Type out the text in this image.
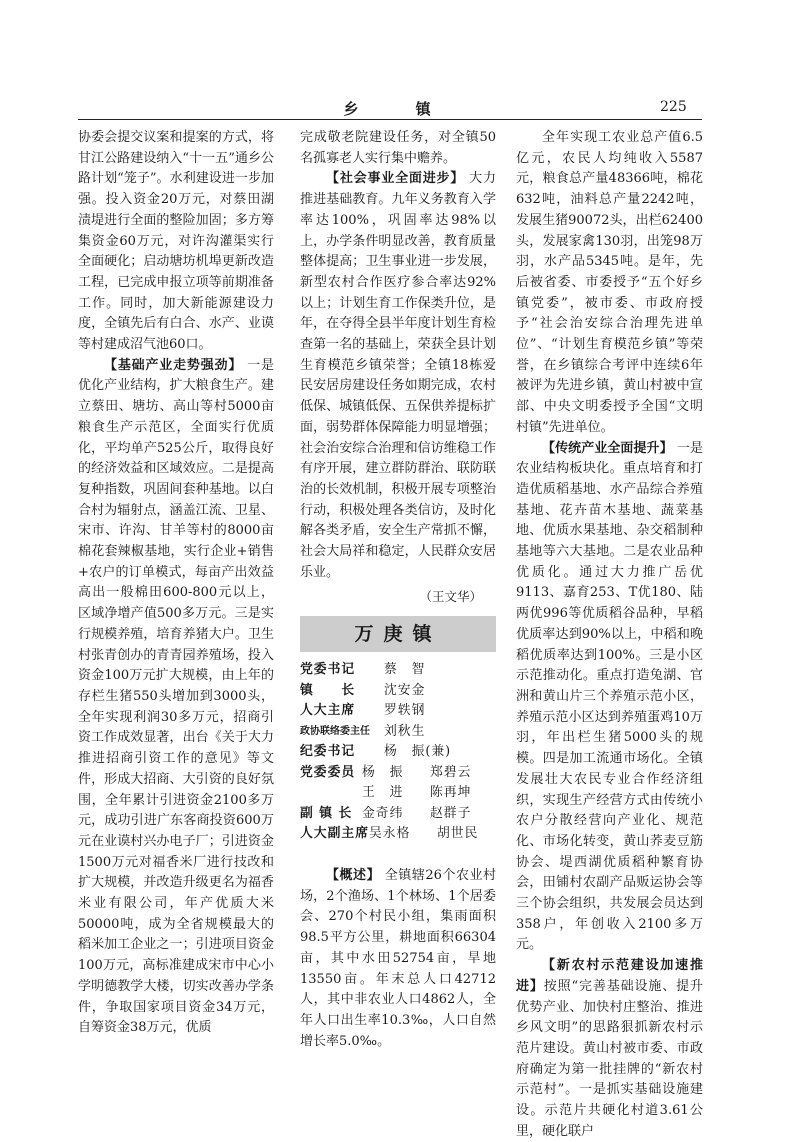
乡 镇	225

协委会提交议案和提案的方式，将甘江公路建设纳入“十一五”通乡公路计划“笼子”。水利建设进一步加强。投入资金20万元，对蔡田湖渍堤进行全面的整险加固；多方筹集资金60万元，对许沟灌渠实行全面硬化；启动塘坊机埠更新改造工程，已完成申报立项等前期准备工作。同时，加大新能源建设力度，全镇先后有白合、水产、业谟等村建成沼气池60口。

【基础产业走势强劲】 一是优化产业结构，扩大粮食生产。建立蔡田、塘坊、高山等村5000亩粮食生产示范区，全面实行优质化，平均单产525公斤，取得良好的经济效益和区域效应。二是提高复种指数，巩固间套种基地。以白合村为辐射点，涵盖江流、卫星、宋市、许沟、甘羊等村的8000亩棉花套辣椒基地，实行企业+销售+农户的订单模式，每亩产出效益高出一般棉田600-800元以上，区域净增产值500多万元。三是实行规模养殖，培育养猪大户。卫生村张青创办的青青园养殖场，投入资金100万元扩大规模，由上年的存栏生猪550头增加到3000头，全年实现利润30多万元，招商引资工作成效显著，出台《关于大力推进招商引资工作的意见》等文件，形成大招商、大引资的良好氛围，全年累计引进资金2100多万元，成功引进广东客商投资600万元在业谟村兴办电子厂；引进资金1500万元对福香米厂进行技改和扩大规模，并改造升级更名为福香米业有限公司，年产优质大米50000吨，成为全省规模最大的稻米加工企业之一；引进项目资金100万元，高标准建成宋市中心小学明德教学大楼，切实改善办学条件，争取国家项目资金34万元，自筹资金38万元，优质

完成敬老院建设任务，对全镇50名孤寡老人实行集中赡养。

【社会事业全面进步】 大力推进基础教育。九年义务教育入学率达100%，巩固率达98%以上，办学条件明显改善，教育质量整体提高；卫生事业进一步发展，新型农村合作医疗参合率达92%以上；计划生育工作保类升位，是年，在夺得全县半年度计划生育检查第一名的基础上，荣获全县计划生育模范乡镇荣誉；全镇18栋爱民安居房建设任务如期完成，农村低保、城镇低保、五保供养提标扩面，弱势群体保障能力明显增强；社会治安综合治理和信访维稳工作有序开展，建立群防群治、联防联治的长效机制，积极开展专项整治行动，积极处理各类信访，及时化解各类矛盾，安全生产常抓不懈，社会大局祥和稳定，人民群众安居乐业。

（王文华）
万庚镇
党委书记	蔡　智
镇　　长	沈安金
人大主席	罗轶钢
政协联络委主任	刘秋生
纪委书记	杨　振(兼)
党委委员 杨　振	郑碧云
王　进	陈再坤
副 镇 长 金奇纬	赵群子
人大副主席 吴永格	胡世民

【概述】 全镇辖26个农业村场，2个渔场、1个林场、1个居委会、270个村民小组，集雨面积98.5平方公里，耕地面积66304亩，其中水田52754亩，旱地13550亩。年末总人口42712人，其中非农业人口4862人，全年人口出生率10.3‰，人口自然增长率5.0‰。

全年实现工农业总产值6.5亿元，农民人均纯收入5587元，粮食总产量48366吨，棉花632吨，油料总产量2242吨，发展生猪90072头，出栏62400头，发展家禽130羽，出笼98万羽，水产品5345吨。是年，先后被省委、市委授予“五个好乡镇党委”，被市委、市政府授予“社会治安综合治理先进单位”、“计划生育模范乡镇”等荣誉，在乡镇综合考评中连续6年被评为先进乡镇，黄山村被中宣部、中央文明委授予全国“文明村镇”先进单位。

【传统产业全面提升】 一是农业结构板块化。重点培育和打造优质稻基地、水产品综合养殖基地、花卉苗木基地、蔬菜基地、优质水果基地、杂交稻制种基地等六大基地。二是农业品种优质化。通过大力推广岳优9113、嘉育253、T优180、陆两优996等优质稻谷品种，早稻优质率达到90%以上，中稻和晚稻优质率达到100%。三是小区示范推动化。重点打造兔湖、官洲和黄山片三个养殖示范小区，养殖示范小区达到养殖蛋鸡10万羽，年出栏生猪5000头的规模。四是加工流通市场化。全镇发展壮大农民专业合作经济组织，实现生产经营方式由传统小农户分散经营向产业化、规范化、市场化转变，黄山荞麦豆筋协会、堤西湖优质稻种繁育协会，田铺村农副产品贩运协会等三个协会组织，共发展会员达到358户，年创收入2100多万元。

【新农村示范建设加速推进】按照“完善基础设施、提升优势产业、加快村庄整治、推进乡风文明”的思路狠抓新农村示范片建设。黄山村被市委、市政府确定为第一批挂牌的“新农村示范村”。一是抓实基础设施建设。示范片共硬化村道3.61公里，硬化联户
